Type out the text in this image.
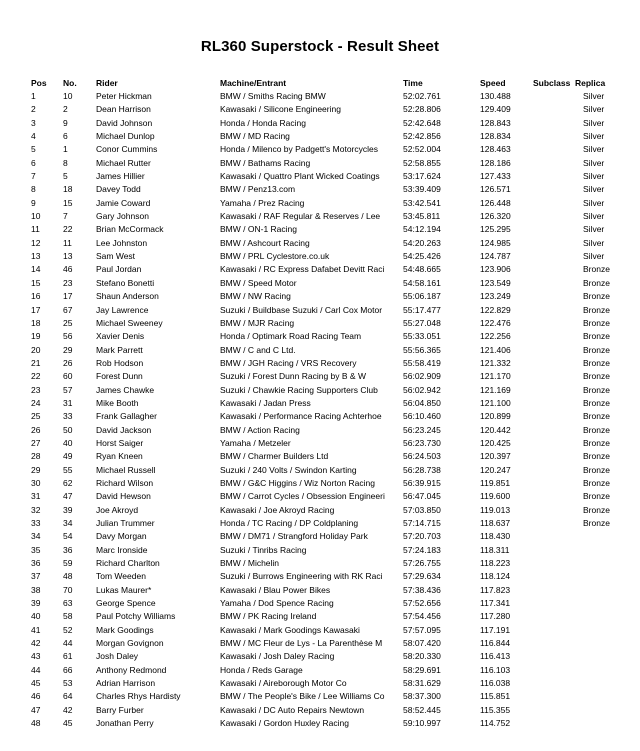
RL360 Superstock - Result Sheet
Pos	No.	Rider	Machine/Entrant	Time	Speed	Subclass	Replica
1	10	Peter Hickman	BMW / Smiths Racing BMW	52:02.761	130.488		Silver
2	2	Dean Harrison	Kawasaki / Silicone Engineering	52:28.806	129.409		Silver
3	9	David Johnson	Honda / Honda Racing	52:42.648	128.843		Silver
4	6	Michael Dunlop	BMW / MD Racing	52:42.856	128.834		Silver
5	1	Conor Cummins	Honda / Milenco by Padgett's Motorcycles	52:52.004	128.463		Silver
6	8	Michael Rutter	BMW / Bathams Racing	52:58.855	128.186		Silver
7	5	James Hillier	Kawasaki / Quattro Plant Wicked Coatings	53:17.624	127.433		Silver
8	18	Davey Todd	BMW / Penz13.com	53:39.409	126.571		Silver
9	15	Jamie Coward	Yamaha / Prez Racing	53:42.541	126.448		Silver
10	7	Gary Johnson	Kawasaki / RAF Regular & Reserves / Lee	53:45.811	126.320		Silver
11	22	Brian McCormack	BMW / ON-1 Racing	54:12.194	125.295		Silver
12	11	Lee Johnston	BMW / Ashcourt Racing	54:20.263	124.985		Silver
13	13	Sam West	BMW / PRL Cyclestore.co.uk	54:25.426	124.787		Silver
14	46	Paul Jordan	Kawasaki / RC Express Dafabet Devitt Raci	54:48.665	123.906		Bronze
15	23	Stefano Bonetti	BMW / Speed Motor	54:58.161	123.549		Bronze
16	17	Shaun Anderson	BMW / NW Racing	55:06.187	123.249		Bronze
17	67	Jay Lawrence	Suzuki / Buildbase Suzuki / Carl Cox Motor	55:17.477	122.829		Bronze
18	25	Michael Sweeney	BMW / MJR Racing	55:27.048	122.476		Bronze
19	56	Xavier Denis	Honda / Optimark Road Racing Team	55:33.051	122.256		Bronze
20	29	Mark Parrett	BMW / C and C Ltd.	55:56.365	121.406		Bronze
21	26	Rob Hodson	BMW / JGH Racing / VRS Recovery	55:58.419	121.332		Bronze
22	60	Forest Dunn	Suzuki / Forest Dunn Racing by B & W	56:02.909	121.170		Bronze
23	57	James Chawke	Suzuki / Chawkie Racing Supporters Club	56:02.942	121.169		Bronze
24	31	Mike Booth	Kawasaki / Jadan Press	56:04.850	121.100		Bronze
25	33	Frank Gallagher	Kawasaki / Performance Racing Achterhoe	56:10.460	120.899		Bronze
26	50	David Jackson	BMW / Action Racing	56:23.245	120.442		Bronze
27	40	Horst Saiger	Yamaha / Metzeler	56:23.730	120.425		Bronze
28	49	Ryan Kneen	BMW / Charmer Builders Ltd	56:24.503	120.397		Bronze
29	55	Michael Russell	Suzuki / 240 Volts / Swindon Karting	56:28.738	120.247		Bronze
30	62	Richard Wilson	BMW / G&C Higgins / Wiz Norton Racing	56:39.915	119.851		Bronze
31	47	David Hewson	BMW / Carrot Cycles / Obsession Engineeri	56:47.045	119.600		Bronze
32	39	Joe Akroyd	Kawasaki / Joe Akroyd Racing	57:03.850	119.013		Bronze
33	34	Julian Trummer	Honda / TC Racing / DP Coldplaning	57:14.715	118.637		Bronze
34	54	Davy Morgan	BMW / DM71 / Strangford Holiday Park	57:20.703	118.430		
35	36	Marc Ironside	Suzuki / Tinribs Racing	57:24.183	118.311		
36	59	Richard Charlton	BMW / Michelin	57:26.755	118.223		
37	48	Tom Weeden	Suzuki / Burrows Engineering with RK Raci	57:29.634	118.124		
38	70	Lukas Maurer*	Kawasaki / Blau Power Bikes	57:38.436	117.823		
39	63	George Spence	Yamaha / Dod Spence Racing	57:52.656	117.341		
40	58	Paul Potchy Williams	BMW / PK Racing Ireland	57:54.456	117.280		
41	52	Mark Goodings	Kawasaki / Mark Goodings Kawasaki	57:57.095	117.191		
42	44	Morgan Govignon	BMW / MC Fleur de Lys - La Parenthèse M	58:07.420	116.844		
43	61	Josh Daley	Kawasaki / Josh Daley Racing	58:20.330	116.413		
44	66	Anthony Redmond	Honda / Reds Garage	58:29.691	116.103		
45	53	Adrian Harrison	Kawasaki / Aireborough Motor Co	58:31.629	116.038		
46	64	Charles Rhys Hardisty	BMW / The People's Bike / Lee Williams Co	58:37.300	115.851		
47	42	Barry Furber	Kawasaki / DC Auto Repairs Newtown	58:52.445	115.355		
48	45	Jonathan Perry	Kawasaki / Gordon Huxley Racing	59:10.997	114.752		
